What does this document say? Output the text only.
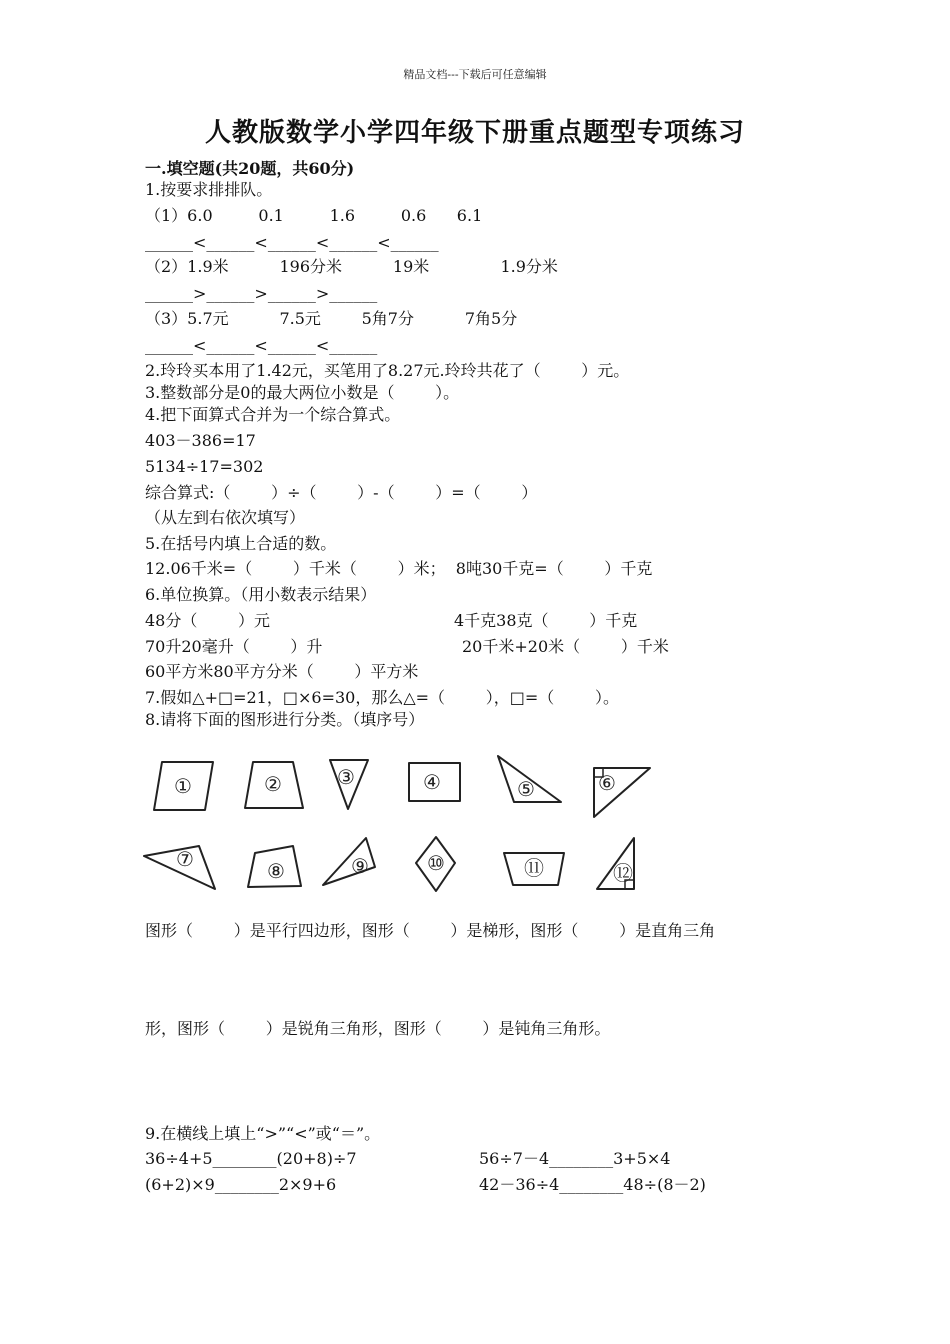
精品文档---下载后可任意编辑
人教版数学小学四年级下册重点题型专项练习
一.填空题(共20题，共60分)
1.按要求排排队。
（1）6.0         0.1         1.6         0.6      6.1
______<______<______<______<______
（2）1.9米          196分米          19米              1.9分米
______>______>______>______
（3）5.7元          7.5元        5角7分          7角5分
______<______<______<______
2.玲玲买本用了1.42元，买笔用了8.27元.玲玲共花了（        ）元。
3.整数部分是0的最大两位小数是（        ）。
4.把下面算式合并为一个综合算式。
403－386=17
5134÷17=302
综合算式:（        ）÷（        ）-（        ）=（        ）
（从左到右依次填写）
5.在括号内填上合适的数。
12.06千米=（        ）千米（        ）米；  8吨30千克=（        ）千克
6.单位换算。（用小数表示结果）
48分（        ）元	4千克38克（        ）千克
70升20毫升（        ）升	20千米+20米（        ）千米
60平方米80平方分米（        ）平方米
7.假如△+□=21，□×6=30，那么△=（        ），□=（        ）。
8.请将下面的图形进行分类。（填序号）
①	②	③	④	⑤	⑥
⑦	⑧	⑨	⑩	⑪	⑫
图形（        ）是平行四边形，图形（        ）是梯形，图形（        ）是直角三角
形，图形（        ）是锐角三角形，图形（        ）是钝角三角形。
9.在横线上填上“>”“<”或“＝”。
36÷4+5________(20+8)÷7	56÷7－4________3+5×4
(6+2)×9________2×9+6	42－36÷4________48÷(8－2)
